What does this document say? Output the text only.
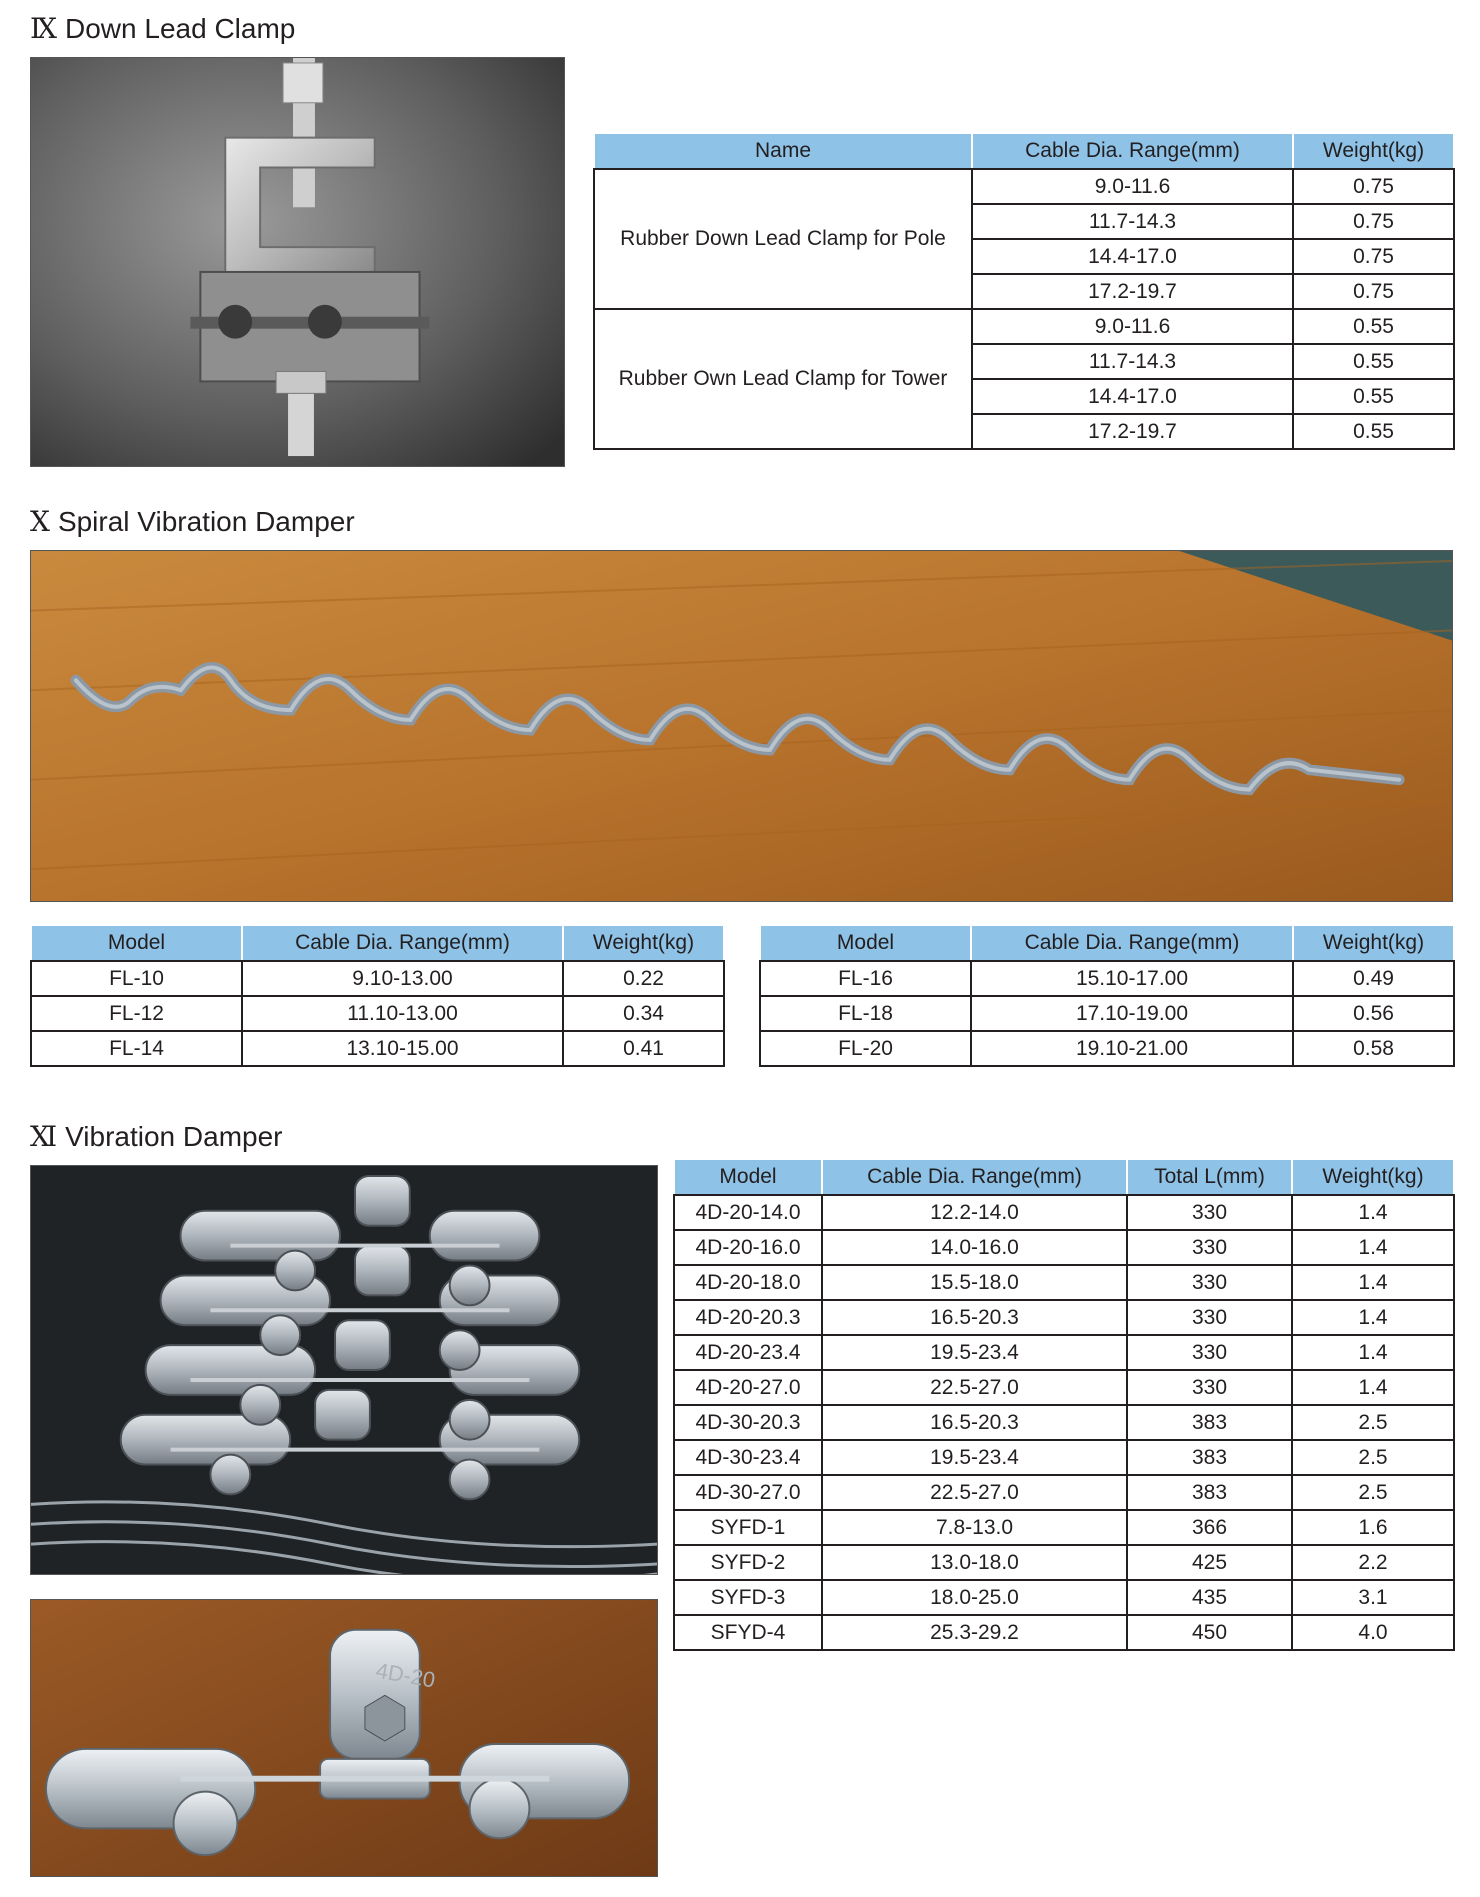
Ⅸ Down Lead Clamp
Name	Cable Dia. Range(mm)	Weight(kg)
Rubber Down Lead Clamp for Pole	9.0-11.6	0.75
	11.7-14.3	0.75
	14.4-17.0	0.75
	17.2-19.7	0.75
Rubber Own Lead Clamp for Tower	9.0-11.6	0.55
	11.7-14.3	0.55
	14.4-17.0	0.55
	17.2-19.7	0.55
Ⅹ Spiral Vibration Damper
Model	Cable Dia. Range(mm)	Weight(kg)
FL-10	9.10-13.00	0.22
FL-12	11.10-13.00	0.34
FL-14	13.10-15.00	0.41
Model	Cable Dia. Range(mm)	Weight(kg)
FL-16	15.10-17.00	0.49
FL-18	17.10-19.00	0.56
FL-20	19.10-21.00	0.58
Ⅺ Vibration Damper
4D-20
Model	Cable Dia. Range(mm)	Total L(mm)	Weight(kg)
4D-20-14.0	12.2-14.0	330	1.4
4D-20-16.0	14.0-16.0	330	1.4
4D-20-18.0	15.5-18.0	330	1.4
4D-20-20.3	16.5-20.3	330	1.4
4D-20-23.4	19.5-23.4	330	1.4
4D-20-27.0	22.5-27.0	330	1.4
4D-30-20.3	16.5-20.3	383	2.5
4D-30-23.4	19.5-23.4	383	2.5
4D-30-27.0	22.5-27.0	383	2.5
SYFD-1	7.8-13.0	366	1.6
SYFD-2	13.0-18.0	425	2.2
SYFD-3	18.0-25.0	435	3.1
SFYD-4	25.3-29.2	450	4.0
